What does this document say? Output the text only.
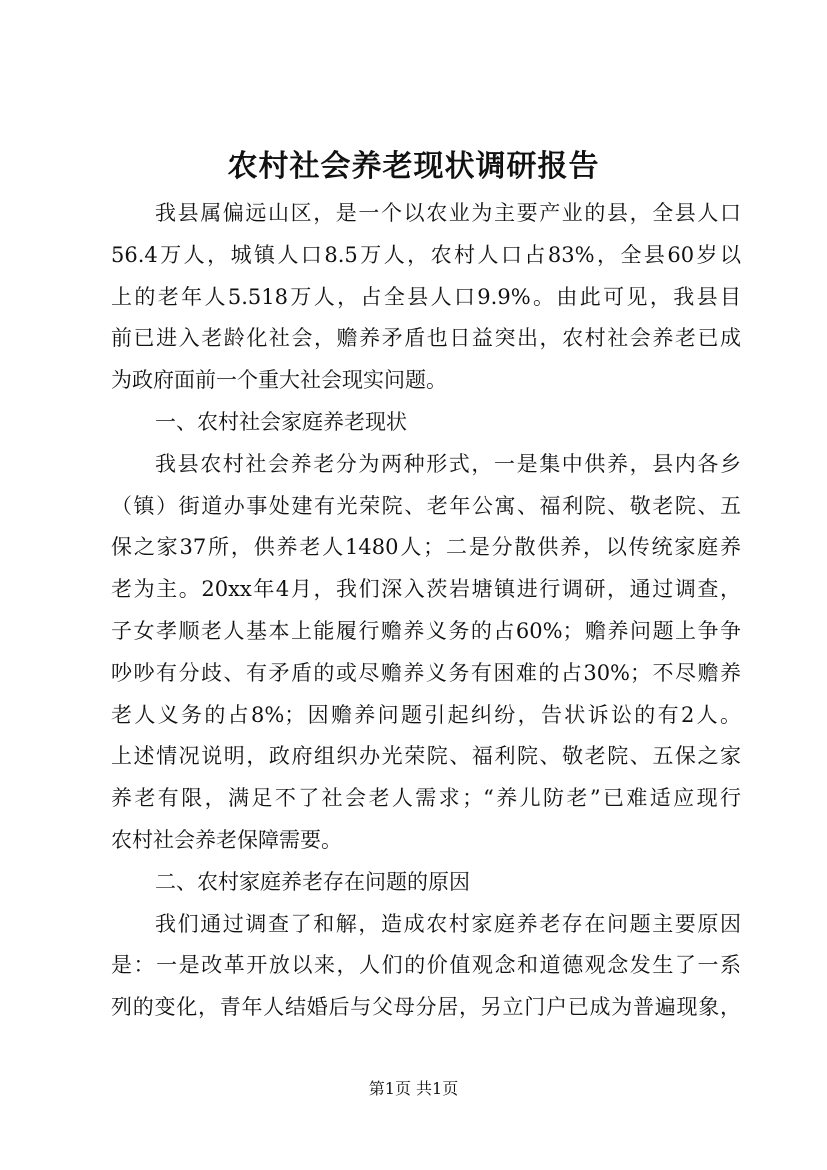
农村社会养老现状调研报告
我县属偏远山区，是一个以农业为主要产业的县，全县人口
56.4万人，城镇人口8.5万人，农村人口占83%，全县60岁以
上的老年人5.518万人，占全县人口9.9%。由此可见，我县目
前已进入老龄化社会，赡养矛盾也日益突出，农村社会养老已成
为政府面前一个重大社会现实问题。
一、农村社会家庭养老现状
我县农村社会养老分为两种形式，一是集中供养，县内各乡
（镇）街道办事处建有光荣院、老年公寓、福利院、敬老院、五
保之家37所，供养老人1480人；二是分散供养，以传统家庭养
老为主。20xx年4月，我们深入茨岩塘镇进行调研，通过调查，
子女孝顺老人基本上能履行赡养义务的占60%；赡养问题上争争
吵吵有分歧、有矛盾的或尽赡养义务有困难的占30%；不尽赡养
老人义务的占8%；因赡养问题引起纠纷，告状诉讼的有2人。
上述情况说明，政府组织办光荣院、福利院、敬老院、五保之家
养老有限，满足不了社会老人需求；“养儿防老”已难适应现行
农村社会养老保障需要。
二、农村家庭养老存在问题的原因
我们通过调查了和解，造成农村家庭养老存在问题主要原因
是：一是改革开放以来，人们的价值观念和道德观念发生了一系
列的变化，青年人结婚后与父母分居，另立门户已成为普遍现象，
第1页 共1页
